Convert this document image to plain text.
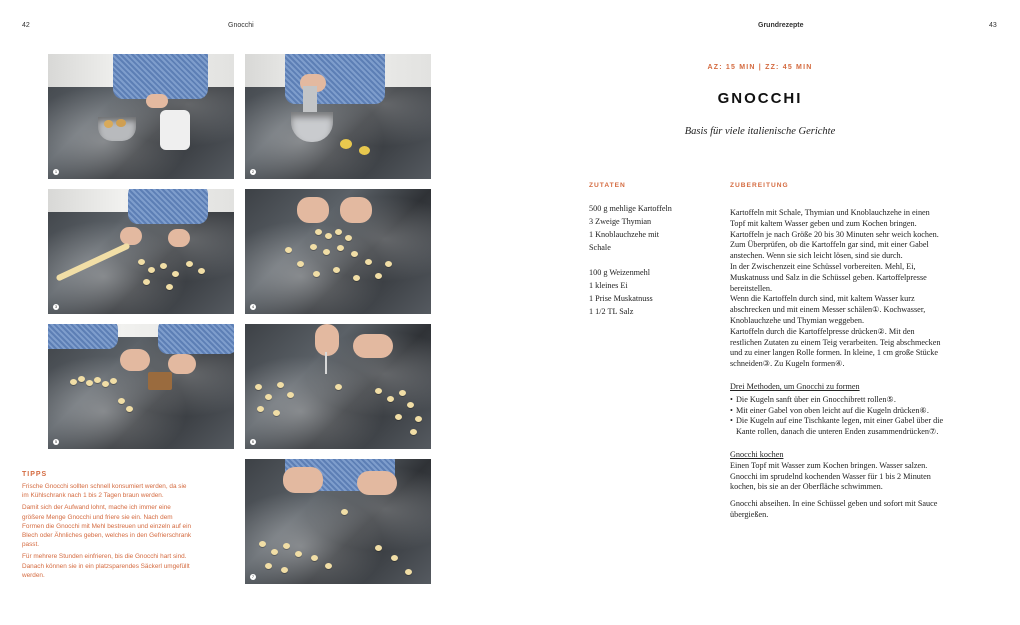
42	Gnocchi	Grundrezepte	43
1
3
5
2
4
6
7
TIPPS

Frische Gnocchi sollten schnell konsumiert werden, da sie im Kühlschrank nach 1 bis 2 Tagen braun werden.

Damit sich der Aufwand lohnt, mache ich immer eine größere Menge Gnocchi und friere sie ein. Nach dem Formen die Gnocchi mit Mehl bestreuen und einzeln auf ein Blech oder Ähnliches geben, welches in den Gefrierschrank passt.

Für mehrere Stunden einfrieren, bis die Gnocchi hart sind. Danach können sie in ein platzsparendes Säckerl umgefüllt werden.

AZ: 15 MIN | ZZ: 45 MIN
GNOCCHI
Basis für viele italienische Gerichte
ZUTATEN
500 g mehlige Kartoffeln
3 Zweige Thymian
1 Knoblauchzehe mit
Schale
100 g Weizenmehl
1 kleines Ei
1 Prise Muskatnuss
1 1/2 TL Salz
ZUBEREITUNG

Kartoffeln mit Schale, Thymian und Knoblauchzehe in einen Topf mit kaltem Wasser geben und zum Kochen bringen. Kartoffeln je nach Größe 20 bis 30 Minuten sehr weich kochen. Zum Überprüfen, ob die Kartoffeln gar sind, mit einer Gabel anstechen. Wenn sie sich leicht lösen, sind sie durch.

In der Zwischenzeit eine Schüssel vorbereiten. Mehl, Ei, Muskatnuss und Salz in die Schüssel geben. Kartoffelpresse bereitstellen.

Wenn die Kartoffeln durch sind, mit kaltem Wasser kurz abschrecken und mit einem Messer schälen①. Kochwasser, Knoblauchzehe und Thymian weggeben.

Kartoffeln durch die Kartoffelpresse drücken②. Mit den restlichen Zutaten zu einem Teig verarbeiten. Teig abschmecken und zu einer langen Rolle formen. In kleine, 1 cm große Stücke schneiden③. Zu Kugeln formen④.

Drei Methoden, um Gnocchi zu formen

• Die Kugeln sanft über ein Gnocchibrett rollen⑤.
• Mit einer Gabel von oben leicht auf die Kugeln drücken⑥.
• Die Kugeln auf eine Tischkante legen, mit einer Gabel über die Kante rollen, danach die unteren Enden zusammendrücken⑦.

Gnocchi kochen

Einen Topf mit Wasser zum Kochen bringen. Wasser salzen. Gnocchi im sprudelnd kochenden Wasser für 1 bis 2 Minuten kochen, bis sie an der Oberfläche schwimmen.

Gnocchi abseihen. In eine Schüssel geben und sofort mit Sauce übergießen.
